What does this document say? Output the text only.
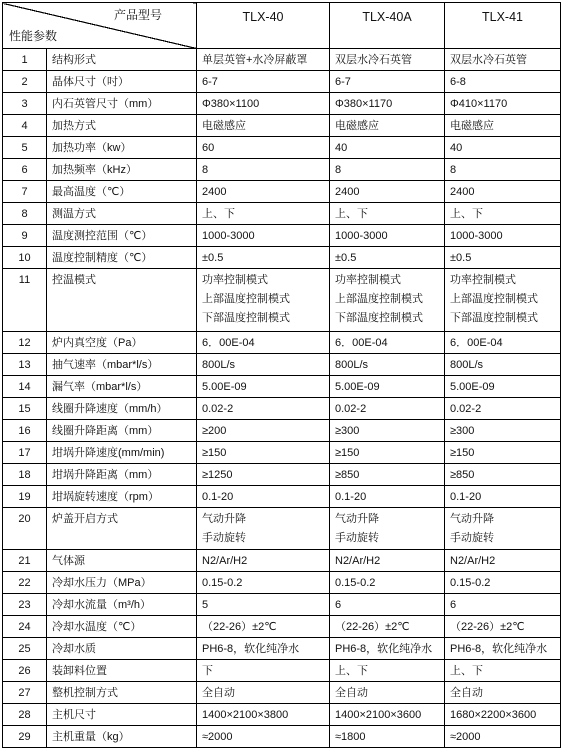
产品型号
性能参数		TLX-40	TLX-40A	TLX-41
1	结构形式	单层英管+水冷屏蔽罩	双层水冷石英管	双层水冷石英管

2	晶体尺寸（吋）	6-7	6-7	6-8

3	内石英管尺寸（mm）	Φ380×1100	Φ380×1170	Φ410×1170

4	加热方式	电磁感应	电磁感应	电磁感应

5	加热功率（kw）	60	40	40

6	加热频率（kHz）	8	8	8

7	最高温度（℃）	2400	2400	2400

8	测温方式	上、下	上、下	上、下

9	温度测控范围（℃）	1000-3000	1000-3000	1000-3000

10	温度控制精度（℃）	±0.5	±0.5	±0.5

11	控温模式	功率控制模式
上部温度控制模式
下部温度控制模式	功率控制模式
上部温度控制模式
下部温度控制模式	功率控制模式
上部温度控制模式
下部温度控制模式

12	炉内真空度（Pa）	6．00E-04	6．00E-04	6．00E-04

13	抽气速率（mbar*l/s）	800L/s	800L/s	800L/s

14	漏气率（mbar*l/s）	5.00E-09	5.00E-09	5.00E-09

15	线圈升降速度（mm/h）	0.02-2	0.02-2	0.02-2

16	线圈升降距离（mm）	≥200	≥300	≥300

17	坩埚升降速度(mm/min)	≥150	≥150	≥150

18	坩埚升降距离（mm）	≥1250	≥850	≥850

19	坩埚旋转速度（rpm）	0.1-20	0.1-20	0.1-20

20	炉盖开启方式	气动升降
手动旋转	气动升降
手动旋转	气动升降
手动旋转

21	气体源	N2/Ar/H2	N2/Ar/H2	N2/Ar/H2

22	冷却水压力（MPa）	0.15-0.2	0.15-0.2	0.15-0.2

23	冷却水流量（m³/h）	5	6	6

24	冷却水温度（℃）	（22-26）±2℃	（22-26）±2℃	（22-26）±2℃

25	冷却水质	PH6-8，软化纯净水	PH6-8，软化纯净水	PH6-8，软化纯净水

26	装卸料位置	下	上、下	上、下

27	整机控制方式	全自动	全自动	全自动

28	主机尺寸	1400×2100×3800	1400×2100×3600	1680×2200×3600

29	主机重量（kg）	≈2000	≈1800	≈2000
